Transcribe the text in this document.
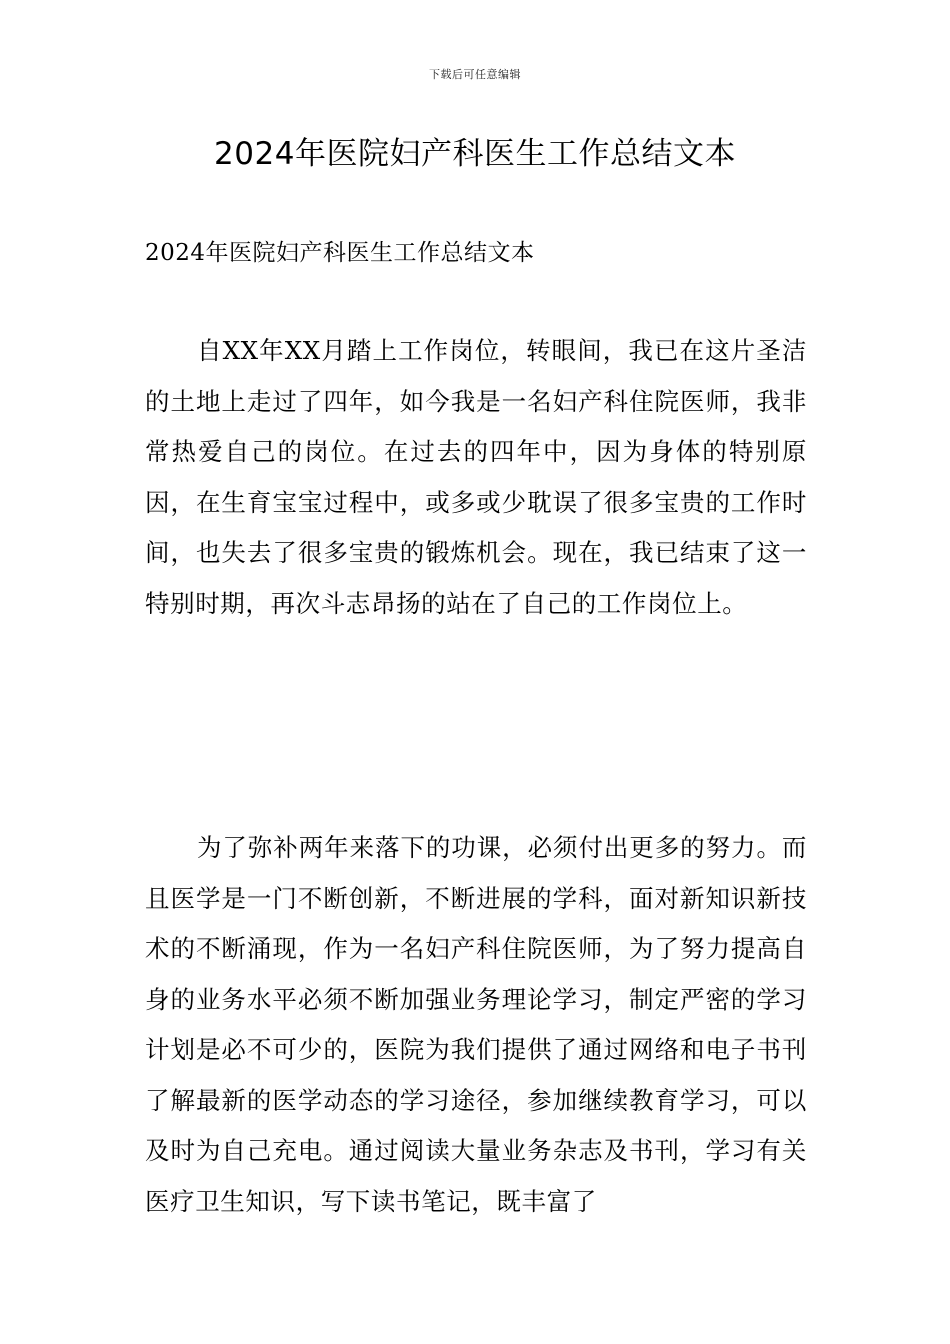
下载后可任意编辑
2024年医院妇产科医生工作总结文本
2024年医院妇产科医生工作总结文本

自XX年XX月踏上工作岗位，转眼间，我已在这片圣洁的土地上走过了四年，如今我是一名妇产科住院医师，我非常热爱自己的岗位。在过去的四年中，因为身体的特别原因，在生育宝宝过程中，或多或少耽误了很多宝贵的工作时间，也失去了很多宝贵的锻炼机会。现在，我已结束了这一特别时期，再次斗志昂扬的站在了自己的工作岗位上。

为了弥补两年来落下的功课，必须付出更多的努力。而且医学是一门不断创新，不断进展的学科，面对新知识新技术的不断涌现，作为一名妇产科住院医师，为了努力提高自身的业务水平必须不断加强业务理论学习，制定严密的学习计划是必不可少的，医院为我们提供了通过网络和电子书刊了解最新的医学动态的学习途径，参加继续教育学习，可以及时为自己充电。通过阅读大量业务杂志及书刊，学习有关医疗卫生知识，写下读书笔记，既丰富了
